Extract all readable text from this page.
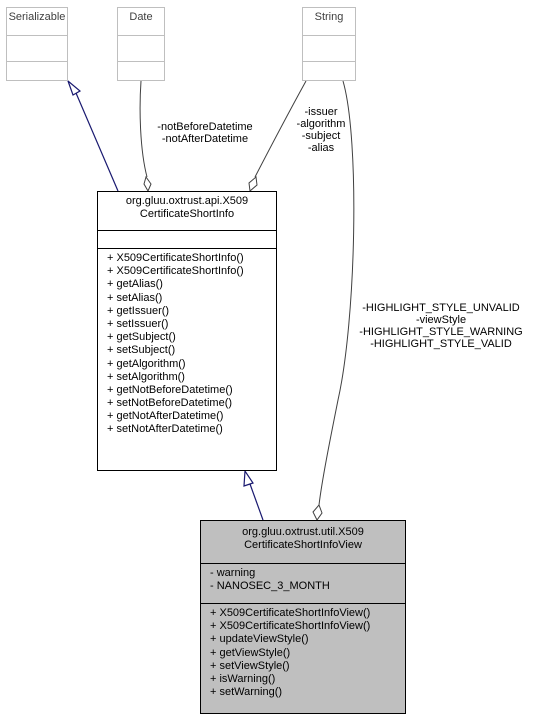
Serializable	Date	String
-notBeforeDatetime
-notAfterDatetime
-issuer
-algorithm
-subject
-alias
-HIGHLIGHT_STYLE_UNVALID
-viewStyle
-HIGHLIGHT_STYLE_WARNING
-HIGHLIGHT_STYLE_VALID
org.gluu.oxtrust.api.X509
CertificateShortInfo
+ X509CertificateShortInfo()
+ X509CertificateShortInfo()
+ getAlias()
+ setAlias()
+ getIssuer()
+ setIssuer()
+ getSubject()
+ setSubject()
+ getAlgorithm()
+ setAlgorithm()
+ getNotBeforeDatetime()
+ setNotBeforeDatetime()
+ getNotAfterDatetime()
+ setNotAfterDatetime()
org.gluu.oxtrust.util.X509
CertificateShortInfoView
- warning
- NANOSEC_3_MONTH
+ X509CertificateShortInfoView()
+ X509CertificateShortInfoView()
+ updateViewStyle()
+ getViewStyle()
+ setViewStyle()
+ isWarning()
+ setWarning()
